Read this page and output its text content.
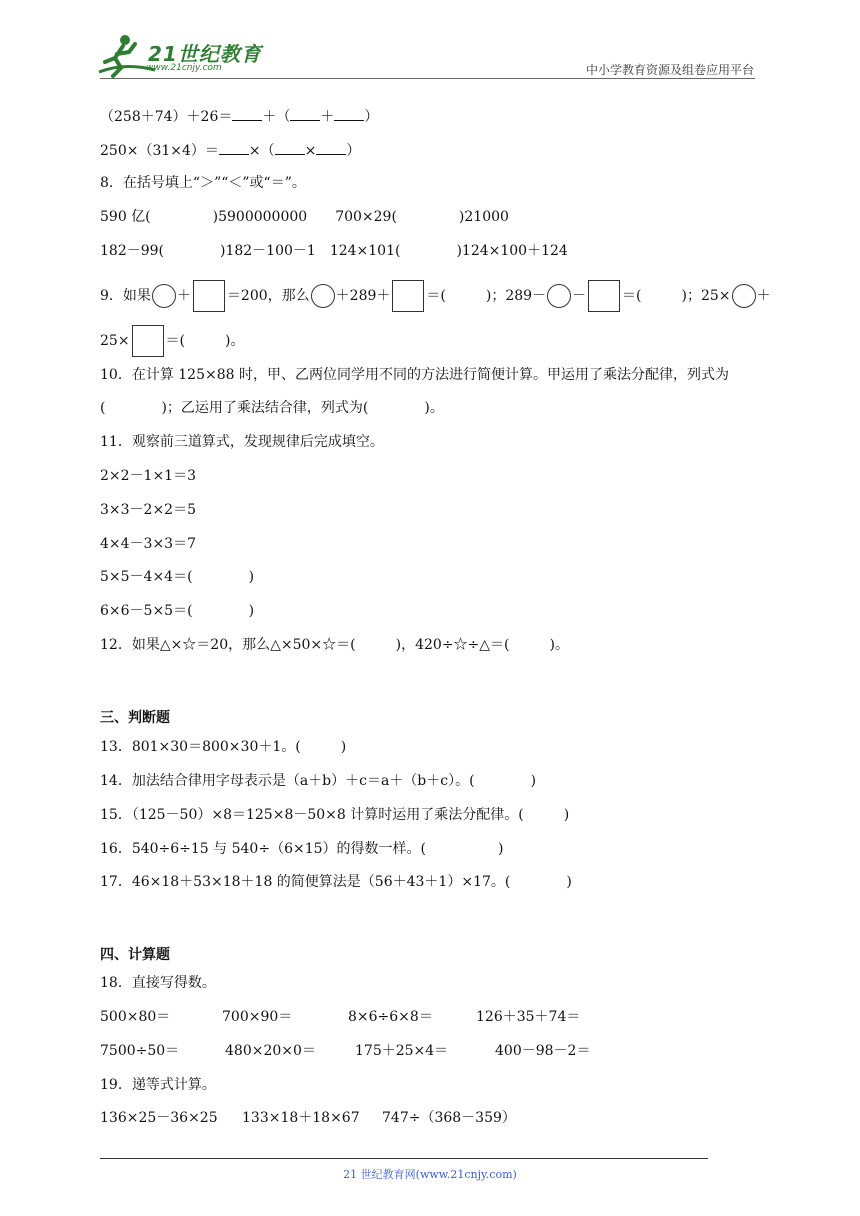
21世纪教育
www.21cnjy.com	中小学教育资源及组卷应用平台
（258＋74）＋26＝ ＋（ ＋ ）
250×（31×4）＝ ×（ × ）
8．在括号填上“＞”“＜”或“＝”。
590 亿(	)5900000000 700×29(	)21000
182－99(	)182－100－1 124×101(	)124×100＋124
9．如果 ＋	＝200，那么 ＋289＋	＝(	)；289－ －	＝(	)；25× ＋
25×	＝(	)。
10．在计算 125×88 时，甲、乙两位同学用不同的方法进行简便计算。甲运用了乘法分配律，列式为
(	)；乙运用了乘法结合律，列式为(	)。
11．观察前三道算式，发现规律后完成填空。
2×2－1×1＝3
3×3－2×2＝5
4×4－3×3＝7
5×5－4×4＝(	)
6×6－5×5＝(	)
12．如果△×☆＝20，那么△×50×☆＝(	)，420÷☆÷△＝(	)。
三、判断题
13．801×30＝800×30＋1。(	)
14．加法结合律用字母表示是（a＋b）＋c＝a＋（b＋c）。(	)
15．（125－50）×8＝125×8－50×8 计算时运用了乘法分配律。(	)
16．540÷6÷15 与 540÷（6×15）的得数一样。(	)
17．46×18＋53×18＋18 的简便算法是（56＋43＋1）×17。(	)
四、计算题
18．直接写得数。
500×80＝	700×90＝	8×6÷6×8＝	126＋35＋74＝
7500÷50＝	480×20×0＝	175＋25×4＝	400－98－2＝
19．递等式计算。
136×25－36×25 133×18＋18×67 747÷（368－359）
21 世纪教育网(www.21cnjy.com)
